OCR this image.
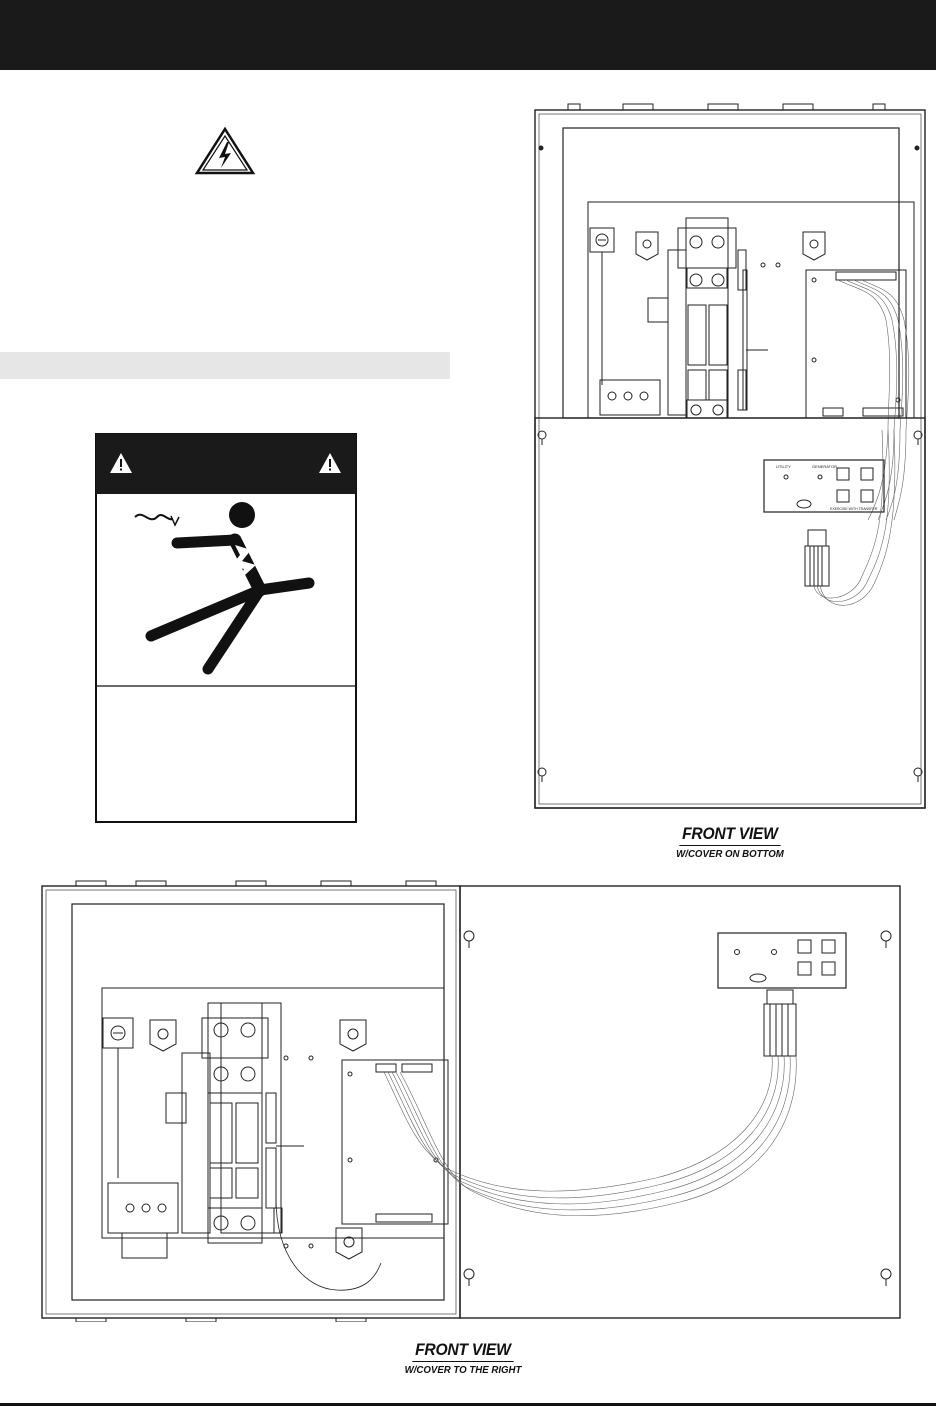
UTILITY	GENERATOR
EXERCISE WITH TRANSFER
FRONT VIEW
W/COVER ON BOTTOM
FRONT VIEW
W/COVER TO THE RIGHT
